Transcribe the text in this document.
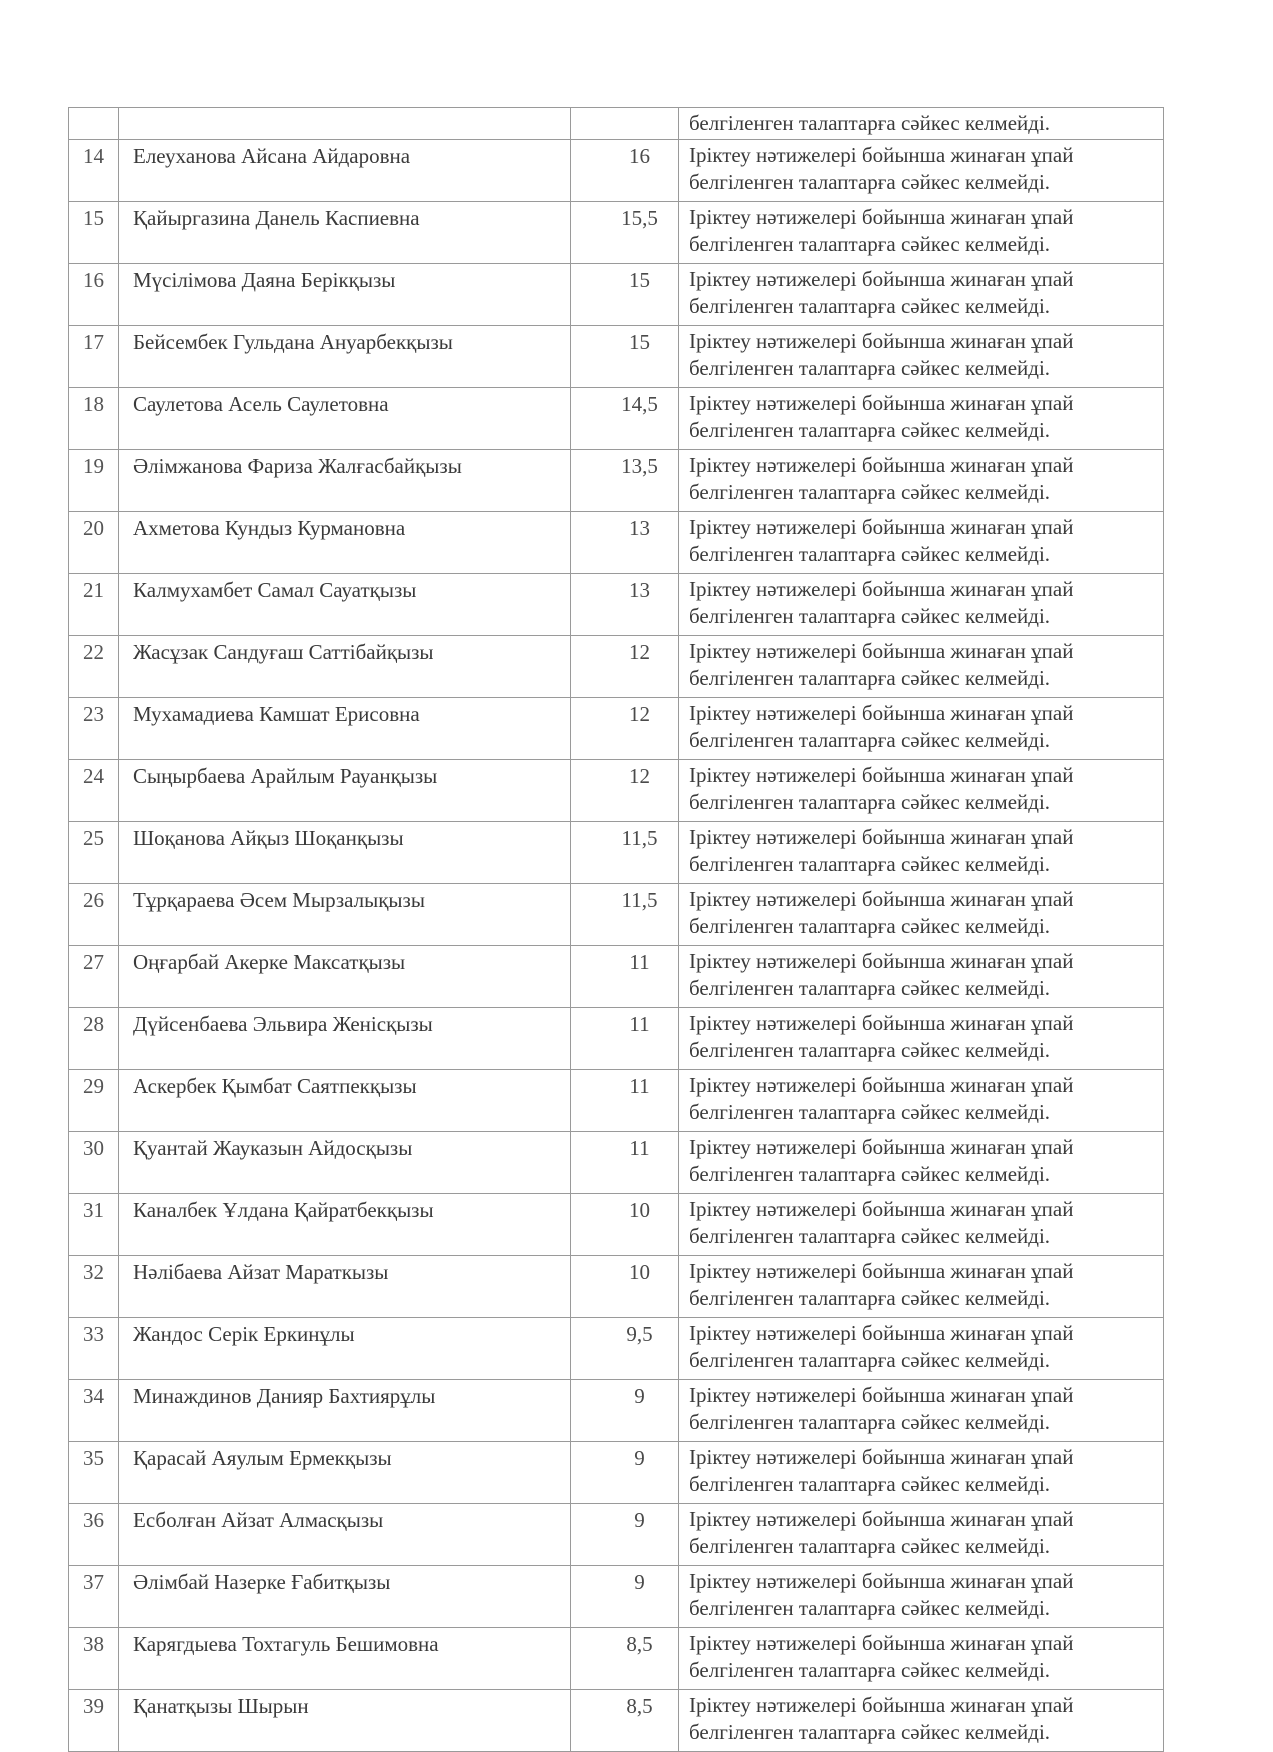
			белгіленген талаптарға сәйкес келмейді.

14	Елеуханова Айсана Айдаровна	16	Іріктеу нәтижелері бойынша жинаған ұпай
белгіленген талаптарға сәйкес келмейді.

15	Қайыргазина Данель Каспиевна	15,5	Іріктеу нәтижелері бойынша жинаған ұпай
белгіленген талаптарға сәйкес келмейді.

16	Мүсілімова Даяна Берікқызы	15	Іріктеу нәтижелері бойынша жинаған ұпай
белгіленген талаптарға сәйкес келмейді.

17	Бейсембек Гульдана Ануарбекқызы	15	Іріктеу нәтижелері бойынша жинаған ұпай
белгіленген талаптарға сәйкес келмейді.

18	Саулетова Асель Саулетовна	14,5	Іріктеу нәтижелері бойынша жинаған ұпай
белгіленген талаптарға сәйкес келмейді.

19	Әлімжанова Фариза Жалғасбайқызы	13,5	Іріктеу нәтижелері бойынша жинаған ұпай
белгіленген талаптарға сәйкес келмейді.

20	Ахметова Кундыз Курмановна	13	Іріктеу нәтижелері бойынша жинаған ұпай
белгіленген талаптарға сәйкес келмейді.

21	Калмухамбет Самал Сауатқызы	13	Іріктеу нәтижелері бойынша жинаған ұпай
белгіленген талаптарға сәйкес келмейді.

22	Жасұзак Сандуғаш Саттібайқызы	12	Іріктеу нәтижелері бойынша жинаған ұпай
белгіленген талаптарға сәйкес келмейді.

23	Мухамадиева Камшат Ерисовна	12	Іріктеу нәтижелері бойынша жинаған ұпай
белгіленген талаптарға сәйкес келмейді.

24	Сыңырбаева Арайлым Рауанқызы	12	Іріктеу нәтижелері бойынша жинаған ұпай
белгіленген талаптарға сәйкес келмейді.

25	Шоқанова Айқыз Шоқанқызы	11,5	Іріктеу нәтижелері бойынша жинаған ұпай
белгіленген талаптарға сәйкес келмейді.

26	Тұрқараева Әсем Мырзалықызы	11,5	Іріктеу нәтижелері бойынша жинаған ұпай
белгіленген талаптарға сәйкес келмейді.

27	Оңғарбай Акерке Максатқызы	11	Іріктеу нәтижелері бойынша жинаған ұпай
белгіленген талаптарға сәйкес келмейді.

28	Дүйсенбаева Эльвира Женісқызы	11	Іріктеу нәтижелері бойынша жинаған ұпай
белгіленген талаптарға сәйкес келмейді.

29	Аскербек Қымбат Саятпекқызы	11	Іріктеу нәтижелері бойынша жинаған ұпай
белгіленген талаптарға сәйкес келмейді.

30	Қуантай Жауказын Айдосқызы	11	Іріктеу нәтижелері бойынша жинаған ұпай
белгіленген талаптарға сәйкес келмейді.

31	Каналбек Ұлдана Қайратбекқызы	10	Іріктеу нәтижелері бойынша жинаған ұпай
белгіленген талаптарға сәйкес келмейді.

32	Нәлібаева Айзат Мараткызы	10	Іріктеу нәтижелері бойынша жинаған ұпай
белгіленген талаптарға сәйкес келмейді.

33	Жандос Серік Еркинұлы	9,5	Іріктеу нәтижелері бойынша жинаған ұпай
белгіленген талаптарға сәйкес келмейді.

34	Минаждинов Данияр Бахтиярұлы	9	Іріктеу нәтижелері бойынша жинаған ұпай
белгіленген талаптарға сәйкес келмейді.

35	Қарасай Аяулым Ермекқызы	9	Іріктеу нәтижелері бойынша жинаған ұпай
белгіленген талаптарға сәйкес келмейді.

36	Есболған Айзат Алмасқызы	9	Іріктеу нәтижелері бойынша жинаған ұпай
белгіленген талаптарға сәйкес келмейді.

37	Әлімбай Назерке Ғабитқызы	9	Іріктеу нәтижелері бойынша жинаған ұпай
белгіленген талаптарға сәйкес келмейді.

38	Карягдыева Тохтагуль Бешимовна	8,5	Іріктеу нәтижелері бойынша жинаған ұпай
белгіленген талаптарға сәйкес келмейді.

39	Қанатқызы Шырын	8,5	Іріктеу нәтижелері бойынша жинаған ұпай
белгіленген талаптарға сәйкес келмейді.
